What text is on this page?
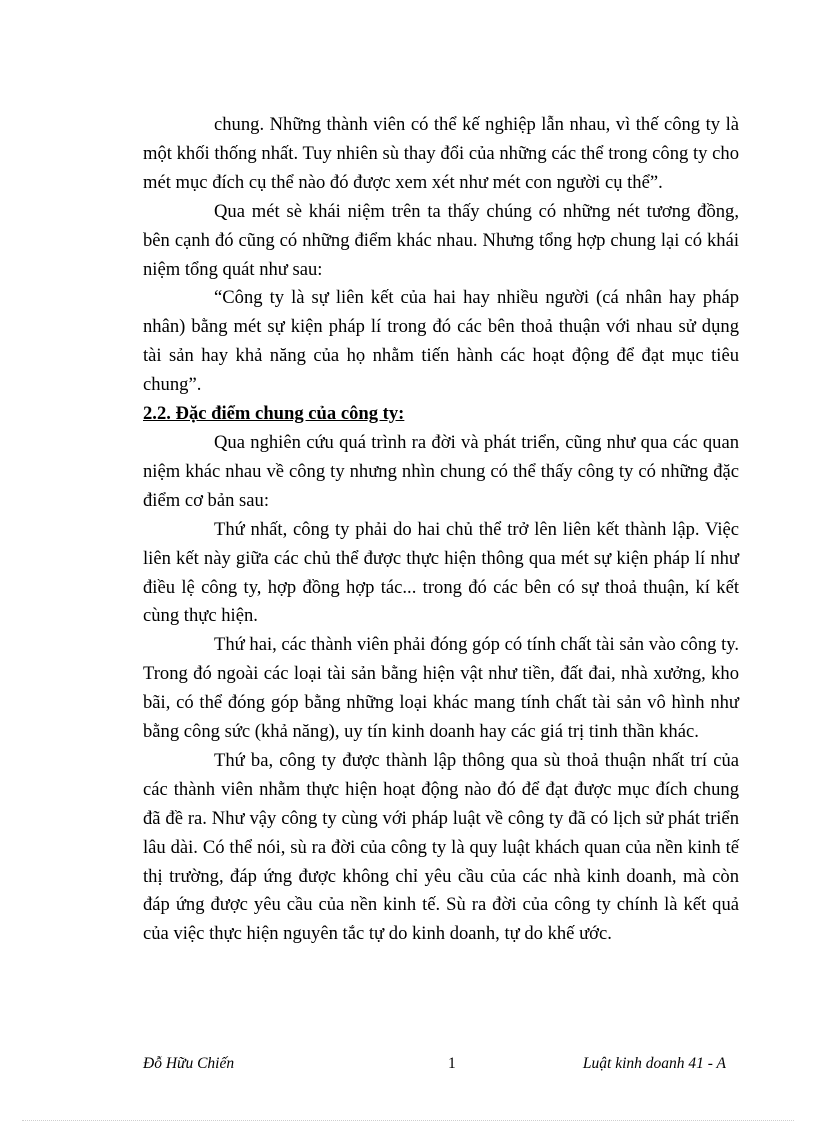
chung. Những thành viên có thể kế nghiệp lẫn nhau, vì thế công ty là một khối thống nhất. Tuy nhiên sù thay đổi của những các thể trong công ty cho mét mục đích cụ thể nào đó được xem xét như mét con người cụ thể”.

Qua mét sè khái niệm trên ta thấy chúng có những nét tương đồng, bên cạnh đó cũng có những điểm khác nhau. Nhưng tổng hợp chung lại có khái niệm tổng quát như sau:

“Công ty là sự liên kết của hai hay nhiều người (cá nhân hay pháp nhân) bằng mét sự kiện pháp lí trong đó các bên thoả thuận với nhau sử dụng tài sản hay khả năng của họ nhằm tiến hành các hoạt động để đạt mục tiêu chung”.

2.2. Đặc điểm chung của công ty:

Qua nghiên cứu quá trình ra đời và phát triển, cũng như qua các quan niệm khác nhau về công ty nhưng nhìn chung có thể thấy công ty có những đặc điểm cơ bản sau:

Thứ nhất, công ty phải do hai chủ thể trở lên liên kết thành lập. Việc liên kết này giữa các chủ thể được thực hiện thông qua mét sự kiện pháp lí như điều lệ công ty, hợp đồng hợp tác... trong đó các bên có sự thoả thuận, kí kết cùng thực hiện.

Thứ hai, các thành viên phải đóng góp có tính chất tài sản vào công ty. Trong đó ngoài các loại tài sản bằng hiện vật như tiền, đất đai, nhà xưởng, kho bãi, có thể đóng góp bằng những loại khác mang tính chất tài sản vô hình như bằng công sức (khả năng), uy tín kinh doanh hay các giá trị tinh thần khác.

Thứ ba, công ty được thành lập thông qua sù thoả thuận nhất trí của các thành viên nhằm thực hiện hoạt động nào đó để đạt được mục đích chung đã đề ra. Như vậy công ty cùng với pháp luật về công ty đã có lịch sử phát triển lâu dài. Có thể nói, sù ra đời của công ty là quy luật khách quan của nền kinh tế thị trường, đáp ứng được không chỉ yêu cầu của các nhà kinh doanh, mà còn đáp ứng được yêu cầu của nền kinh tế. Sù ra đời của công ty chính là kết quả của việc thực hiện nguyên tắc tự do kinh doanh, tự do khế ước.

Đỗ Hữu Chiến	1	Luật kinh doanh 41 - A
